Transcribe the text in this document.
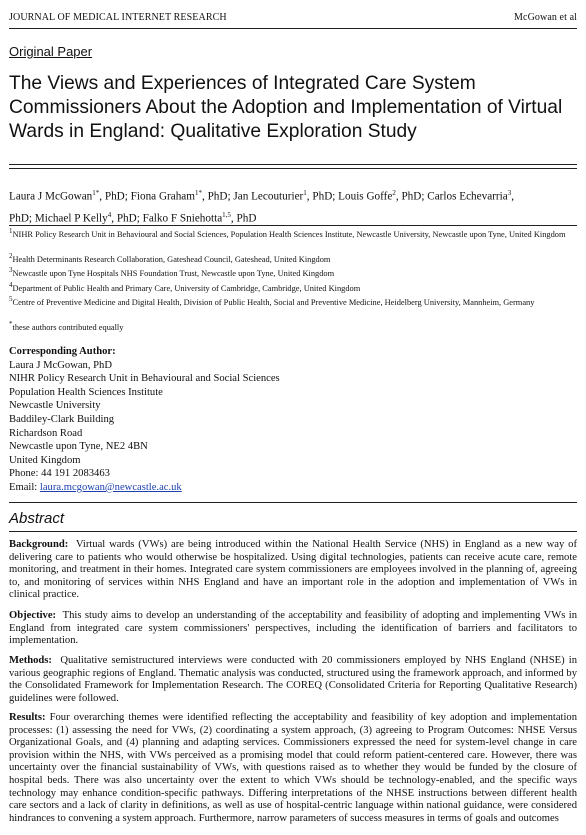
JOURNAL OF MEDICAL INTERNET RESEARCH	McGowan et al
Original Paper
The Views and Experiences of Integrated Care System
Commissioners About the Adoption and Implementation of Virtual
Wards in England: Qualitative Exploration Study
Laura J McGowan$^{1*}$, PhD; Fiona Graham$^{1*}$, PhD; Jan Lecouturier$^1$, PhD; Louis Goffe$^2$, PhD; Carlos Echevarria$^3$,
PhD; Michael P Kelly$^4$, PhD; Falko F Sniehotta$^{1,5}$, PhD
$^1$NIHR Policy Research Unit in Behavioural and Social Sciences, Population Health Sciences Institute, Newcastle University, Newcastle upon Tyne, United Kingdom
$^2$Health Determinants Research Collaboration, Gateshead Council, Gateshead, United Kingdom
$^3$Newcastle upon Tyne Hospitals NHS Foundation Trust, Newcastle upon Tyne, United Kingdom
$^4$Department of Public Health and Primary Care, University of Cambridge, Cambridge, United Kingdom
$^5$Centre of Preventive Medicine and Digital Health, Division of Public Health, Social and Preventive Medicine, Heidelberg University, Mannheim, Germany
*these authors contributed equally
Corresponding Author:
Laura J McGowan, PhD
NIHR Policy Research Unit in Behavioural and Social Sciences
Population Health Sciences Institute
Newcastle University
Baddiley-Clark Building
Richardson Road
Newcastle upon Tyne, NE2 4BN
United Kingdom
Phone: 44 191 2083463
Email: laura.mcgowan@newcastle.ac.uk
Abstract
Background: Virtual wards (VWs) are being introduced within the National Health Service (NHS) in England as a new way of delivering care to patients who would otherwise be hospitalized. Using digital technologies, patients can receive acute care, remote monitoring, and treatment in their homes. Integrated care system commissioners are employees involved in the planning of, agreeing to, and monitoring of services within NHS England and have an important role in the adoption and implementation of VWs in clinical practice.
Objective: This study aims to develop an understanding of the acceptability and feasibility of adopting and implementing VWs in England from integrated care system commissioners' perspectives, including the identification of barriers and facilitators to implementation.
Methods: Qualitative semistructured interviews were conducted with 20 commissioners employed by NHS England (NHSE) in various geographic regions of England. Thematic analysis was conducted, structured using the framework approach, and informed by the Consolidated Framework for Implementation Research. The COREQ (Consolidated Criteria for Reporting Qualitative Research) guidelines were followed.
Results: Four overarching themes were identified reflecting the acceptability and feasibility of key adoption and implementation processes: (1) assessing the need for VWs, (2) coordinating a system approach, (3) agreeing to Program Outcomes: NHSE Versus Organizational Goals, and (4) planning and adapting services. Commissioners expressed the need for system-level change in care provision within the NHS, with VWs perceived as a promising model that could reform patient-centered care. However, there was uncertainty over the financial sustainability of VWs, with questions raised as to whether they would be funded by the closure of hospital beds. There was also uncertainty over the extent to which VWs should be technology-enabled, and the specific ways technology may enhance condition-specific pathways. Differing interpretations of the NHSE instructions between different health care sectors and a lack of clarity in definitions, as well as use of hospital-centric language within national guidance, were considered hindrances to convening a system approach. Furthermore, narrow parameters of success measures in terms of goals and outcomes
